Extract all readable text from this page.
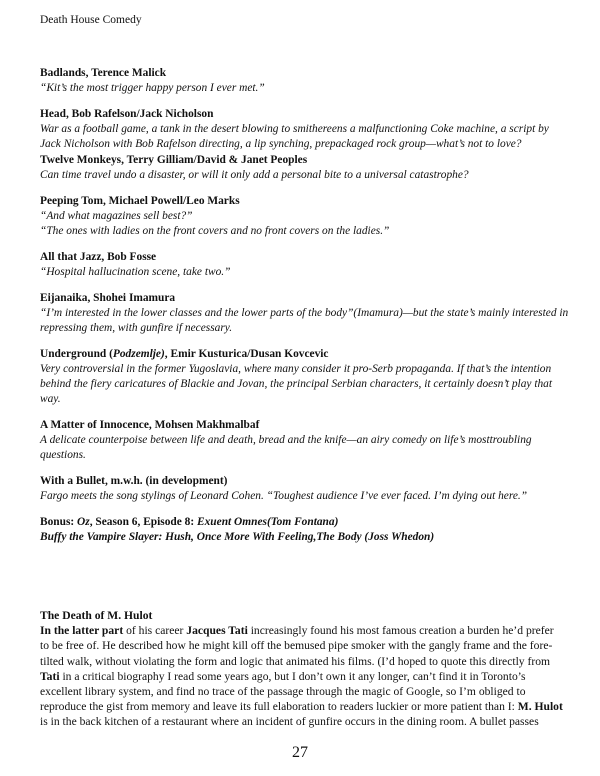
Death House Comedy
Badlands, Terence Malick
“Kit’s the most trigger happy person I ever met.”
Head, Bob Rafelson/Jack Nicholson
War as a football game, a tank in the desert blowing to smithereens a malfunctioning Coke machine, a script by Jack Nicholson with Bob Rafelson directing, a lip synching, prepackaged rock group—what’s not to love?
Twelve Monkeys, Terry Gilliam/David & Janet Peoples
Can time travel undo a disaster, or will it only add a personal bite to a universal catastrophe?
Peeping Tom, Michael Powell/Leo Marks
“And what magazines sell best?”
“The ones with ladies on the front covers and no front covers on the ladies.”
All that Jazz, Bob Fosse
“Hospital hallucination scene, take two.”
Eijanaika, Shohei Imamura
“I’m interested in the lower classes and the lower parts of the body”(Imamura)—but the state’s mainly interested in repressing them, with gunfire if necessary.
Underground (Podzemlje), Emir Kusturica/Dusan Kovcevic
Very controversial in the former Yugoslavia, where many consider it pro-Serb propaganda. If that’s the intention behind the fiery caricatures of Blackie and Jovan, the principal Serbian characters, it certainly doesn’t play that way.
A Matter of Innocence, Mohsen Makhmalbaf
A delicate counterpoise between life and death, bread and the knife—an airy comedy on life’s mosttroubling questions.
With a Bullet, m.w.h. (in development)
Fargo meets the song stylings of Leonard Cohen. “Toughest audience I’ve ever faced. I’m dying out here.”
Bonus: Oz, Season 6, Episode 8: Exuent Omnes(Tom Fontana)
Buffy the Vampire Slayer: Hush, Once More With Feeling,The Body (Joss Whedon)
The Death of M. Hulot
In the latter part of his career Jacques Tati increasingly found his most famous creation a burden he’d prefer to be free of. He described how he might kill off the bemused pipe smoker with the gangly frame and the fore-tilted walk, without violating the form and logic that animated his films. (I’d hoped to quote this directly from Tati in a critical biography I read some years ago, but I don’t own it any longer, can’t find it in Toronto’s excellent library system, and find no trace of the passage through the magic of Google, so I’m obliged to reproduce the gist from memory and leave its full elaboration to readers luckier or more patient than I: M. Hulot is in the back kitchen of a restaurant where an incident of gunfire occurs in the dining room. A bullet passes
27
